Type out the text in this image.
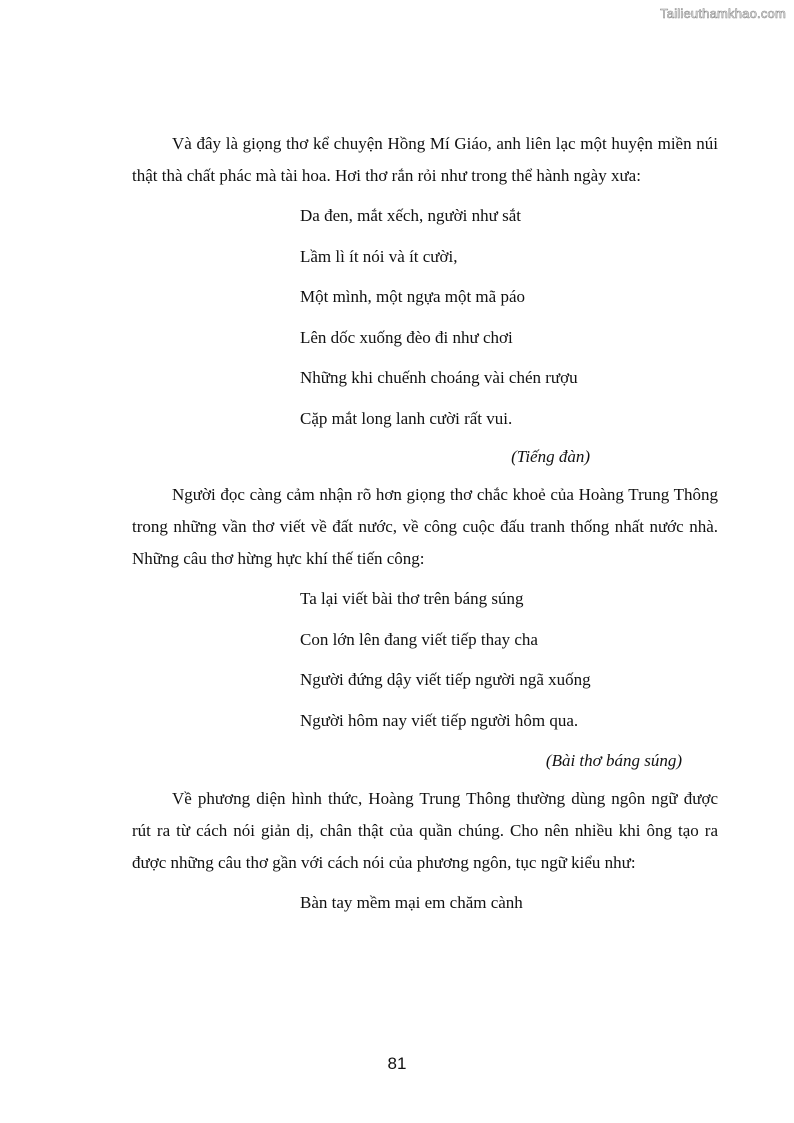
Tailieuthamkhao.com

Và đây là giọng thơ kể chuyện Hồng Mí Giáo, anh liên lạc một huyện miền núi thật thà chất phác mà tài hoa. Hơi thơ rắn rỏi như trong thể hành ngày xưa:

Da đen, mắt xếch, người như sắt

Lầm lì ít nói và ít cười,

Một mình, một ngựa một mã páo

Lên dốc xuống đèo đi như chơi

Những khi chuếnh choáng vài chén rượu

Cặp mắt long lanh cười rất vui.

(Tiếng đàn)

Người đọc càng cảm nhận rõ hơn giọng thơ chắc khoẻ của Hoàng Trung Thông trong những vần thơ viết về đất nước, về công cuộc đấu tranh thống nhất nước nhà. Những câu thơ hừng hực khí thế tiến công:

Ta lại viết bài thơ trên báng súng

Con lớn lên đang viết tiếp thay cha

Người đứng dậy viết tiếp người ngã xuống

Người hôm nay viết tiếp người hôm qua.

(Bài thơ báng súng)

Về phương diện hình thức, Hoàng Trung Thông thường dùng ngôn ngữ được rút ra từ cách nói giản dị, chân thật của quần chúng. Cho nên nhiều khi ông tạo ra được những câu thơ gần với cách nói của phương ngôn, tục ngữ kiểu như:

Bàn tay mềm mại em chăm cành

81
